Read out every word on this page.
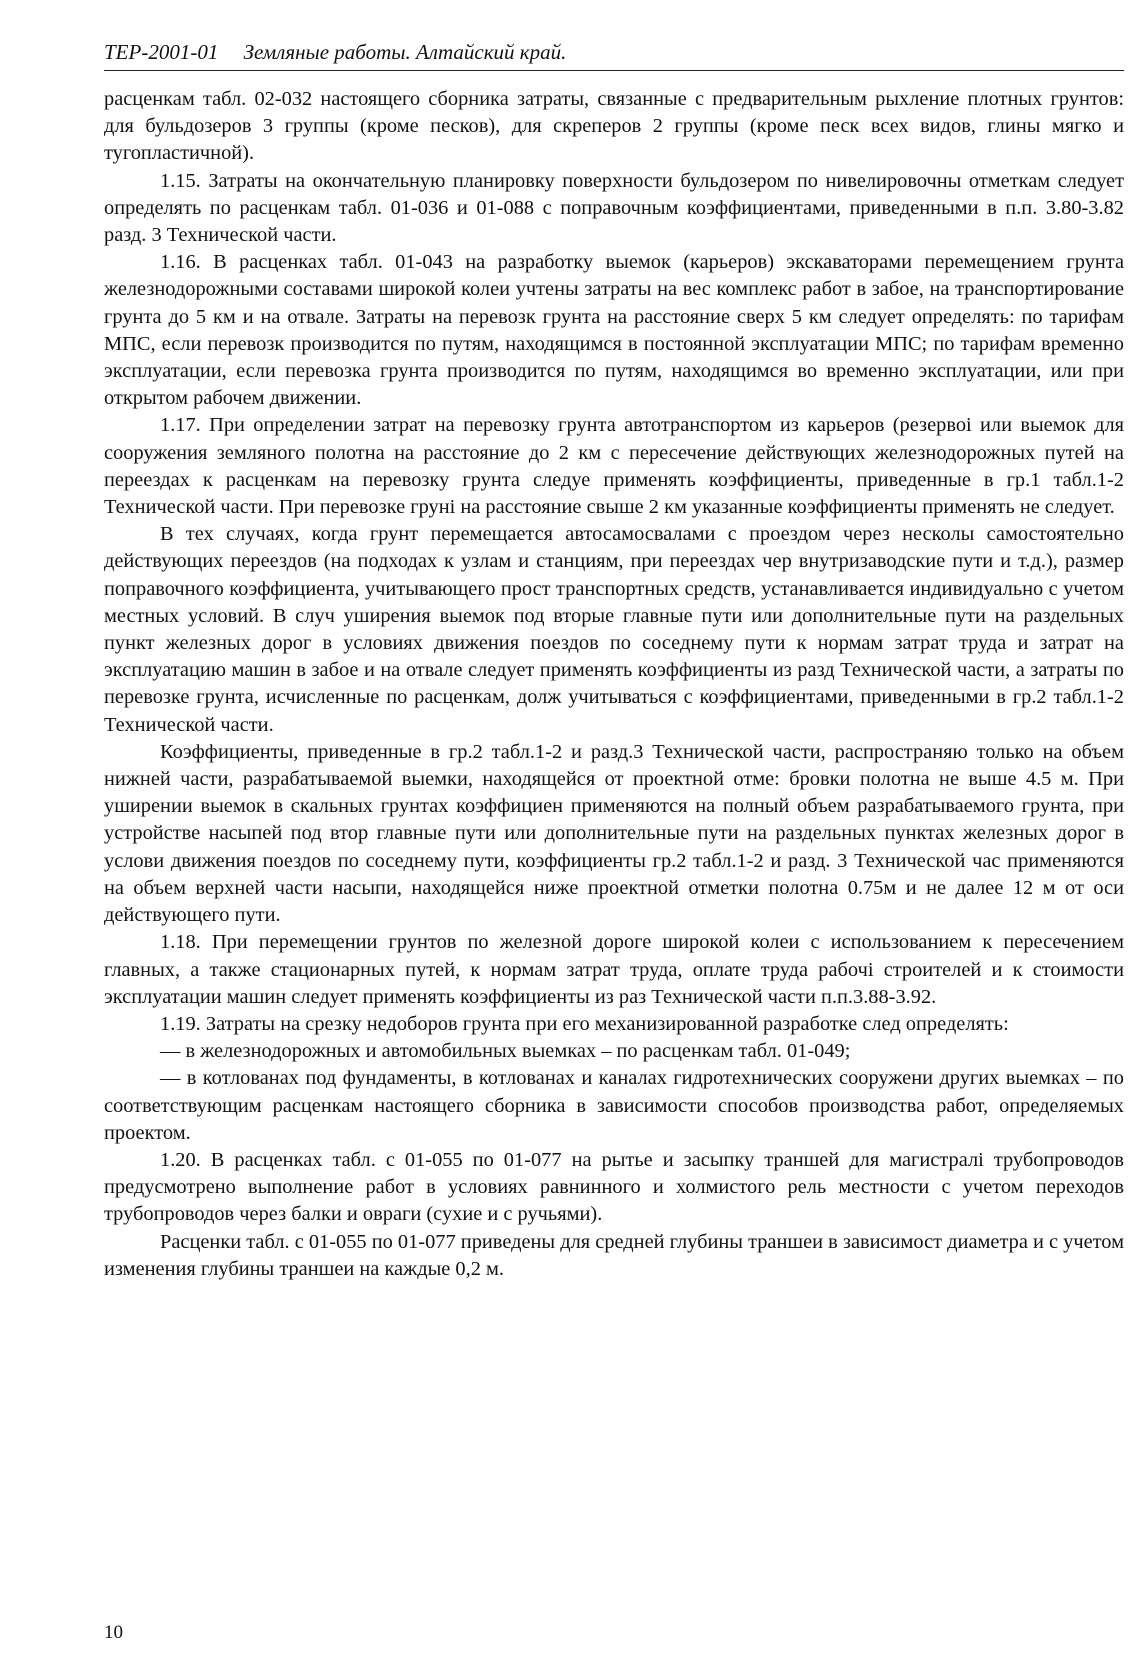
ТЕР-2001-01 Земляные работы. Алтайский край.

расценкам табл. 02-032 настоящего сборника затраты, связанные с предварительным рыхлениe плотных грунтов: для бульдозеров 3 группы (кроме песков), для скреперов 2 группы (кроме песк всех видов, глины мягко и тугопластичной).

1.15. Затраты на окончательную планировку поверхности бульдозером по нивелировочны отметкам следует определять по расценкам табл. 01-036 и 01-088 с поправочным коэффициентами, приведенными в п.п. 3.80-3.82 разд. 3 Технической части.

1.16. В расценках табл. 01-043 на разработку выемок (карьеров) экскаваторами перемещением грунта железнодорожными составами широкой колеи учтены затраты на вес комплекс работ в забое, на транспортирование грунта до 5 км и на отвале. Затраты на перевозк грунта на расстояние сверх 5 км следует определять: по тарифам МПС, если перевозк производится по путям, находящимся в постоянной эксплуатации МПС; по тарифам временно эксплуатации, если перевозка грунта производится по путям, находящимся во временно эксплуатации, или при открытом рабочем движении.

1.17. При определении затрат на перевозку грунта автотранспортом из карьеров (резервоі или выемок для сооружения земляного полотна на расстояние до 2 км с пересечение действующих железнодорожных путей на переездах к расценкам на перевозку грунта следуе применять коэффициенты, приведенные в гр.1 табл.1-2 Технической части. При перевозке груні на расстояние свыше 2 км указанные коэффициенты применять не следует.

В тех случаях, когда грунт перемещается автосамосвалами с проездом через несколы самостоятельно действующих переездов (на подходах к узлам и станциям, при переездах чер внутризаводские пути и т.д.), размер поправочного коэффициента, учитывающего прост транспортных средств, устанавливается индивидуально с учетом местных условий. В случ уширения выемок под вторые главные пути или дополнительные пути на раздельных пункт железных дорог в условиях движения поездов по соседнему пути к нормам затрат труда и затрат на эксплуатацию машин в забое и на отвале следует применять коэффициенты из разд Технической части, а затраты по перевозке грунта, исчисленные по расценкам, долж учитываться с коэффициентами, приведенными в гр.2 табл.1-2 Технической части.

Коэффициенты, приведенные в гр.2 табл.1-2 и разд.3 Технической части, распространяю только на объем нижней части, разрабатываемой выемки, находящейся от проектной отме: бровки полотна не выше 4.5 м. При уширении выемок в скальных грунтах коэффициен применяются на полный объем разрабатываемого грунта, при устройстве насыпей под втор главные пути или дополнительные пути на раздельных пунктах железных дорог в услови движения поездов по соседнему пути, коэффициенты гр.2 табл.1-2 и разд. 3 Технической час применяются на объем верхней части насыпи, находящейся ниже проектной отметки полотна 0.75м и не далее 12 м от оси действующего пути.

1.18. При перемещении грунтов по железной дороге широкой колеи с использованием к пересечением главных, а также стационарных путей, к нормам затрат труда, оплате труда рабочі строителей и к стоимости эксплуатации машин следует применять коэффициенты из раз Технической части п.п.3.88-3.92.

1.19. Затраты на срезку недоборов грунта при его механизированной разработке след определять:

— в железнодорожных и автомобильных выемках – по расценкам табл. 01-049;

— в котлованах под фундаменты, в котлованах и каналах гидротехнических сооружени других выемках – по соответствующим расценкам настоящего сборника в зависимости способов производства работ, определяемых проектом.

1.20. В расценках табл. с 01-055 по 01-077 на рытье и засыпку траншей для магистралі трубопроводов предусмотрено выполнение работ в условиях равнинного и холмистого рель местности с учетом переходов трубопроводов через балки и овраги (сухие и с ручьями).

Расценки табл. с 01-055 по 01-077 приведены для средней глубины траншеи в зависимост диаметра и с учетом изменения глубины траншеи на каждые 0,2 м.

10
